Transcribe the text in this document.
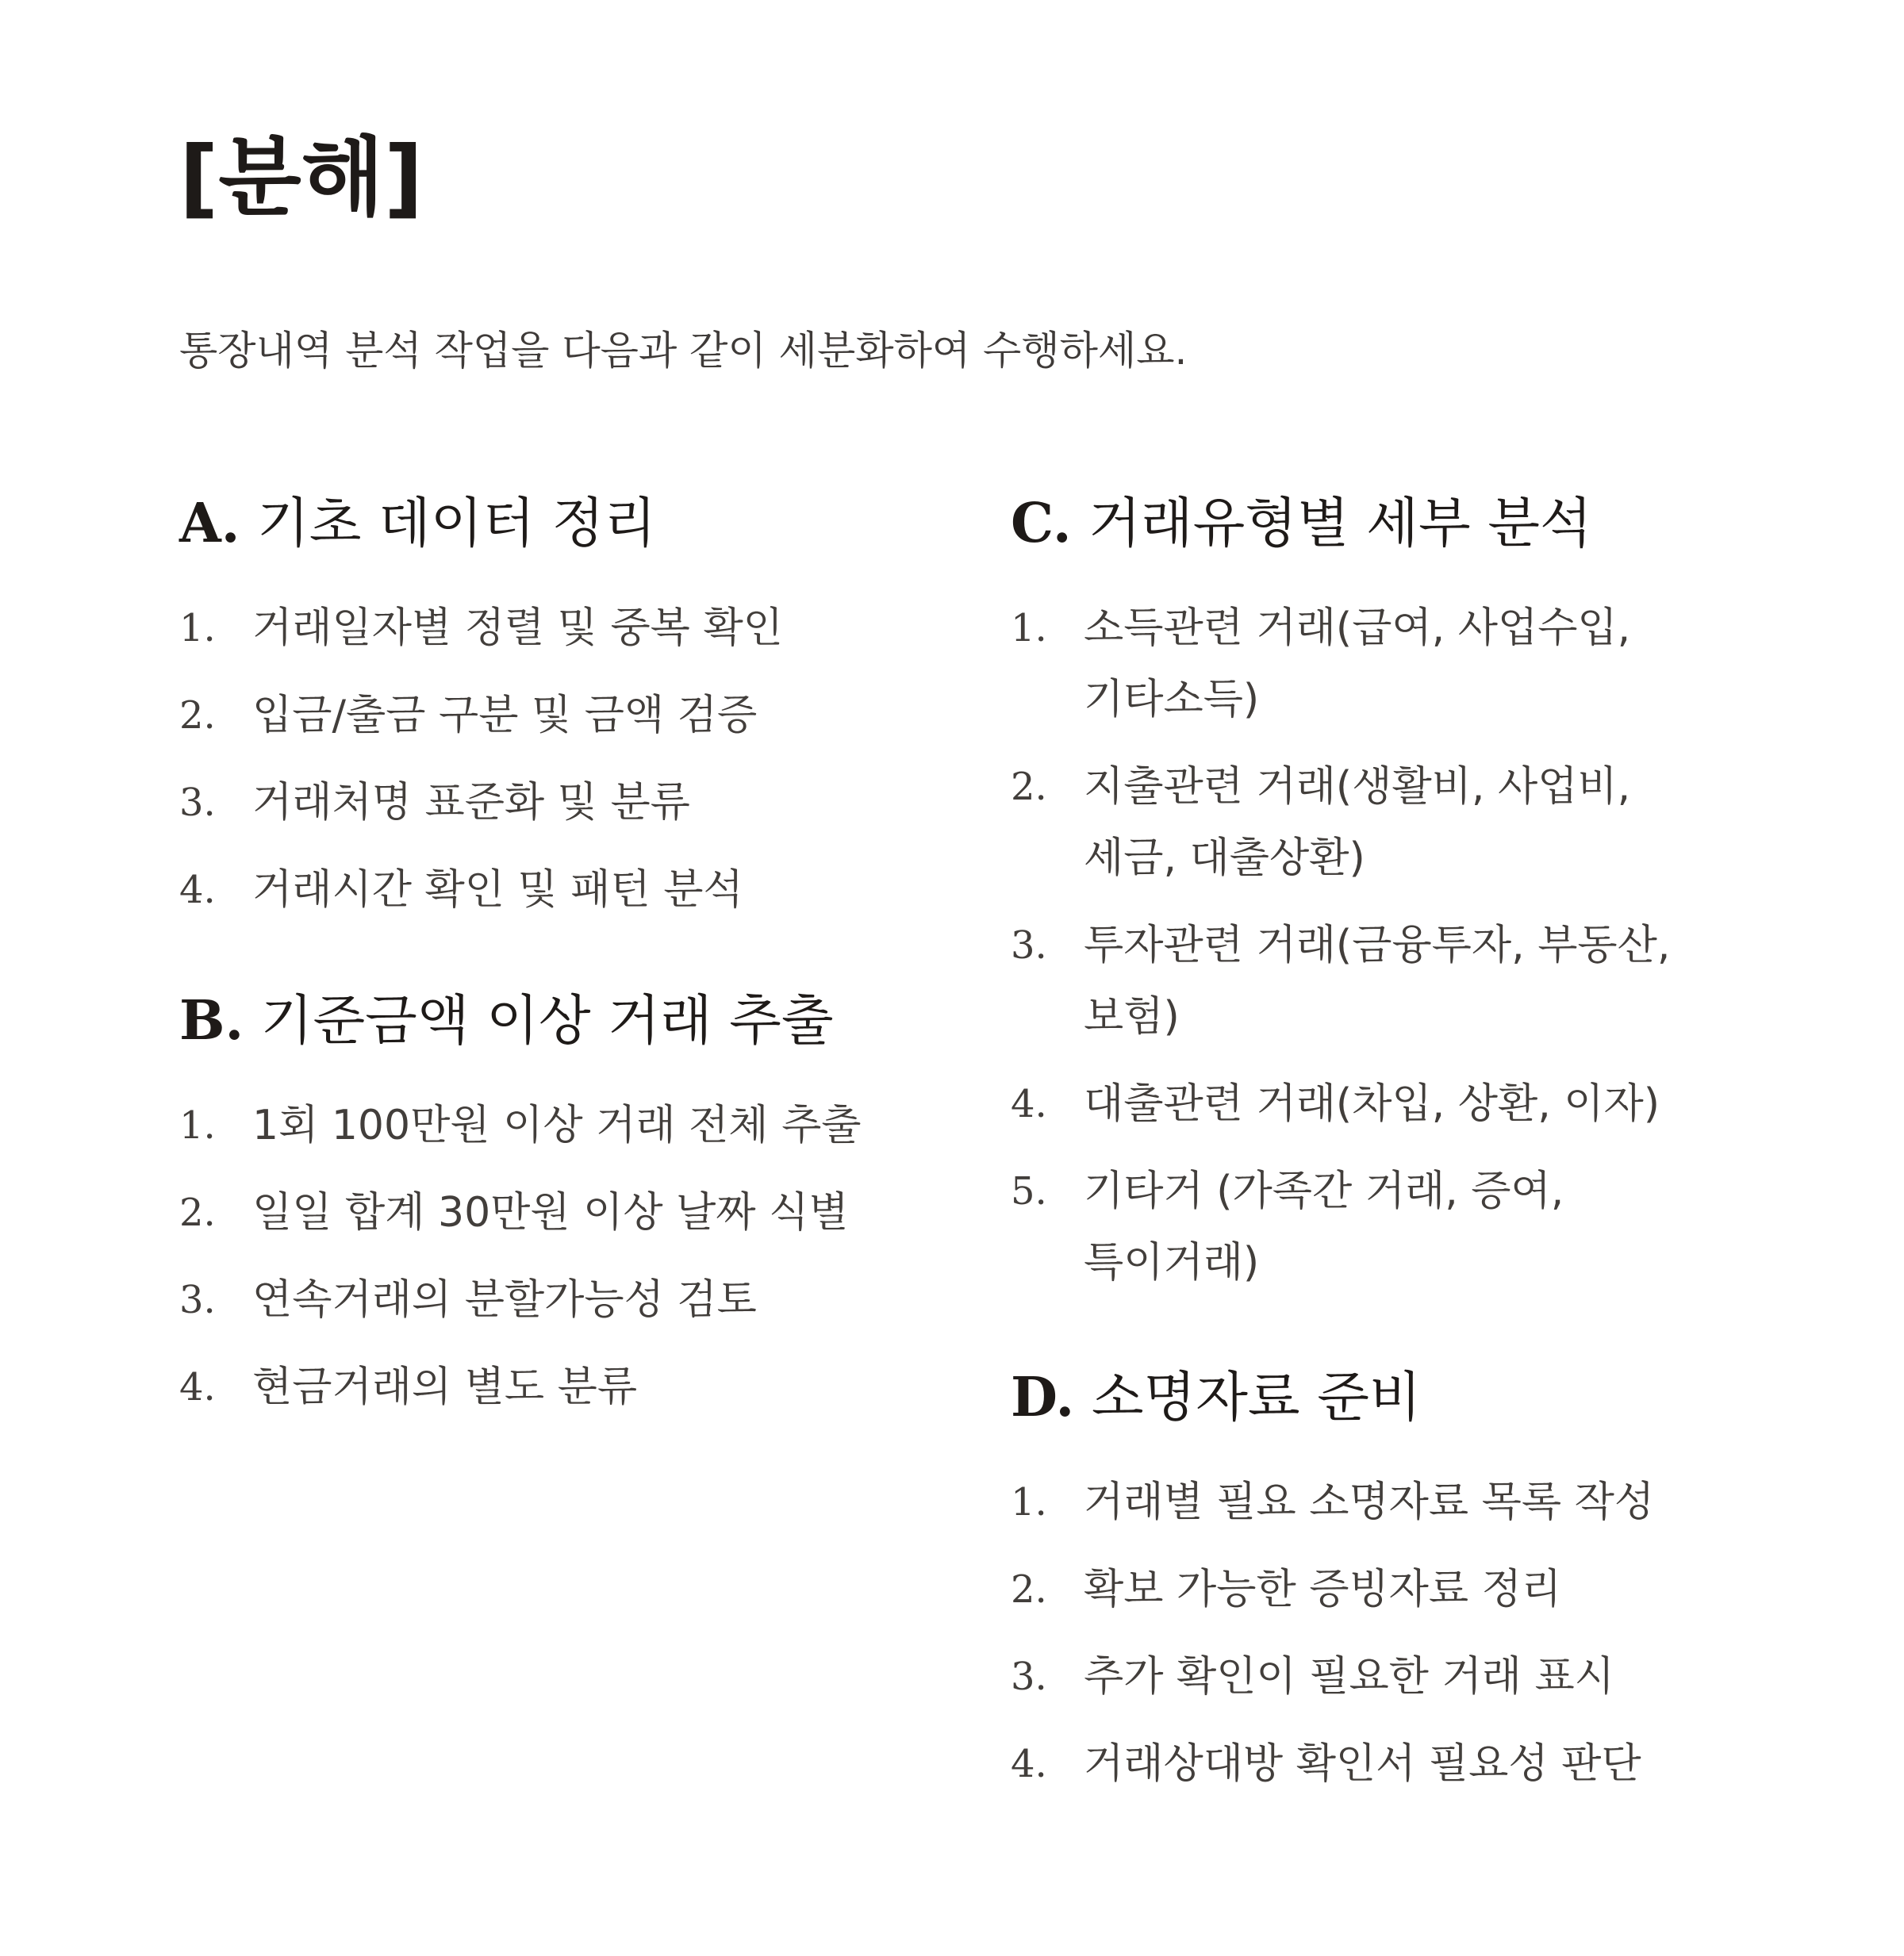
[분해]

통장내역 분석 작업을 다음과 같이 세분화하여 수행하세요.

A. 기초 데이터 정리
1. 거래일자별 정렬 및 중복 확인
2. 입금/출금 구분 및 금액 검증
3. 거래처명 표준화 및 분류
4. 거래시간 확인 및 패턴 분석
B. 기준금액 이상 거래 추출
1. 1회 100만원 이상 거래 전체 추출
2. 일일 합계 30만원 이상 날짜 식별
3. 연속거래의 분할가능성 검토
4. 현금거래의 별도 분류
C. 거래유형별 세부 분석
1. 소득관련 거래(급여, 사업수입, 기타소득)
2. 지출관련 거래(생활비, 사업비, 세금, 대출상환)
3. 투자관련 거래(금융투자, 부동산, 보험)
4. 대출관련 거래(차입, 상환, 이자)
5. 기타거 (가족간 거래, 증여, 특이거래)
D. 소명자료 준비
1. 거래별 필요 소명자료 목록 작성
2. 확보 가능한 증빙자료 정리
3. 추가 확인이 필요한 거래 표시
4. 거래상대방 확인서 필요성 판단
